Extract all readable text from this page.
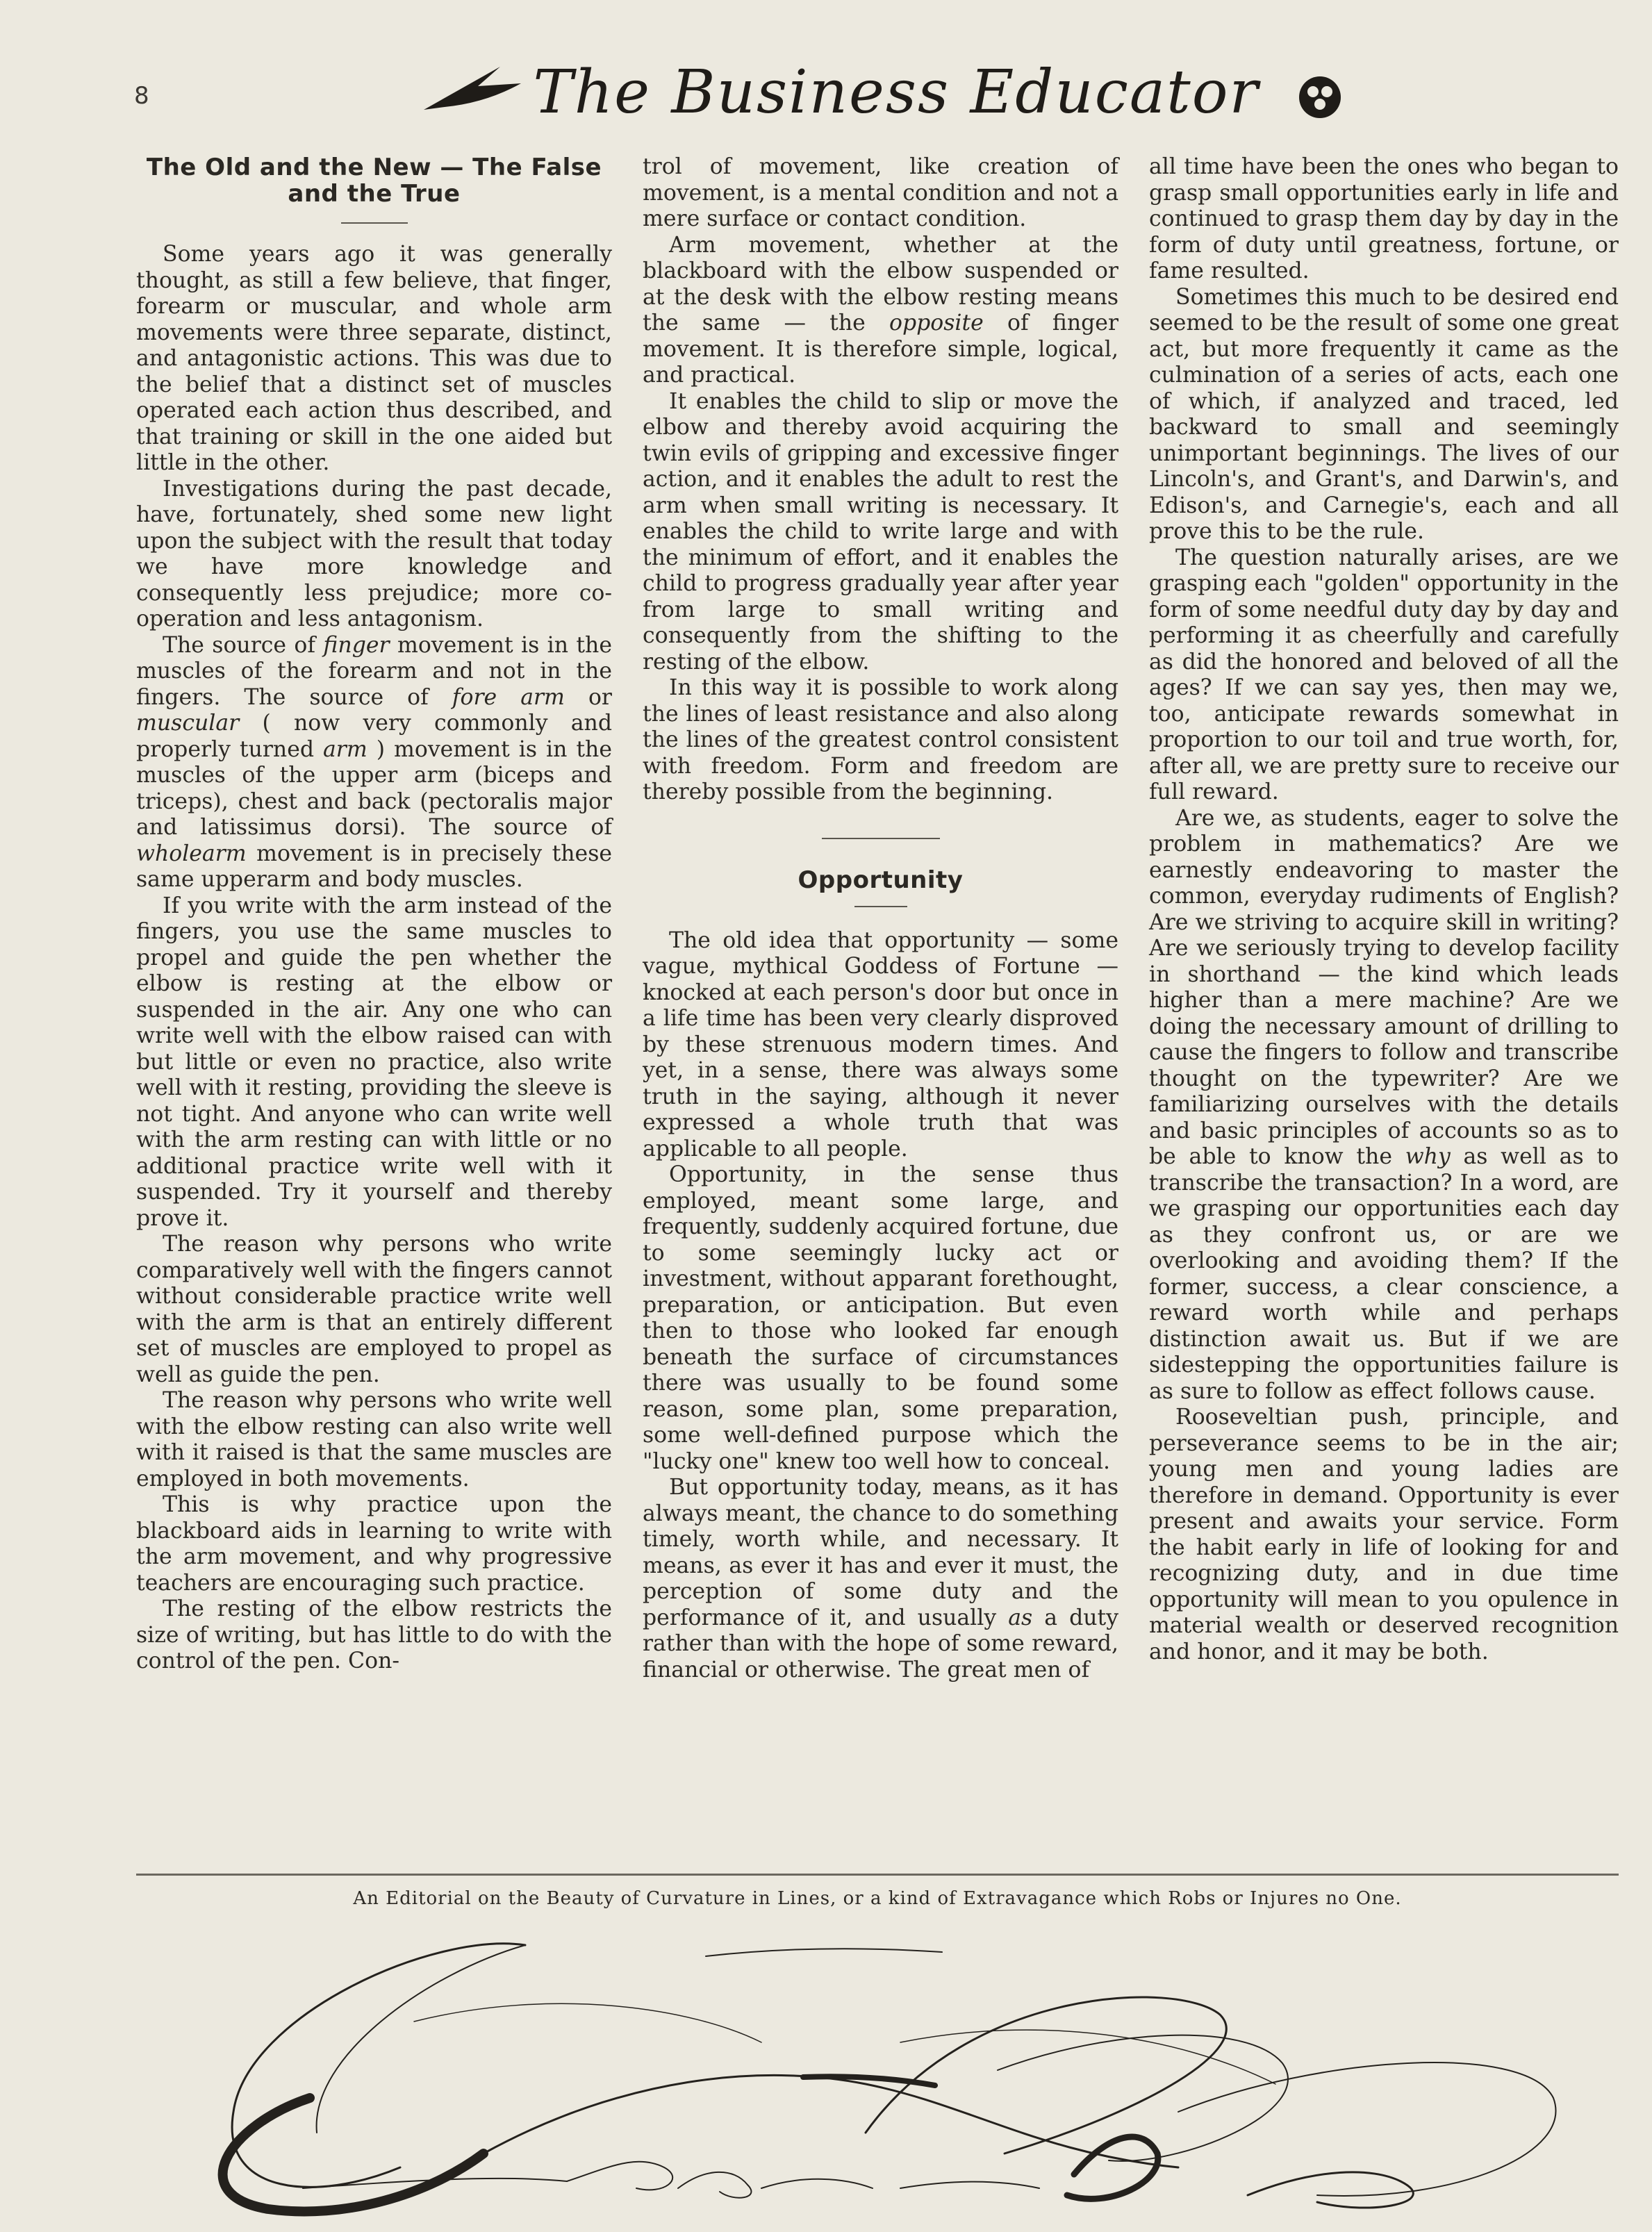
8	The Business Educator
The Old and the New — The False
and the True

Some years ago it was generally thought, as still a few believe, that finger, forearm or muscular, and whole arm movements were three separate, distinct, and antagonistic actions. This was due to the belief that a distinct set of muscles operated each action thus described, and that training or skill in the one aided but little in the other.

Investigations during the past decade, have, fortunately, shed some new light upon the subject with the result that today we have more knowledge and consequently less prejudice; more co-operation and less antagonism.

The source of finger movement is in the muscles of the forearm and not in the fingers. The source of fore arm or muscular ( now very commonly and properly turned arm ) movement is in the muscles of the upper arm (biceps and triceps), chest and back (pectoralis major and latissimus dorsi). The source of wholearm movement is in precisely these same upperarm and body muscles.

If you write with the arm instead of the fingers, you use the same muscles to propel and guide the pen whether the elbow is resting at the elbow or suspended in the air. Any one who can write well with the elbow raised can with but little or even no practice, also write well with it resting, providing the sleeve is not tight. And anyone who can write well with the arm resting can with little or no additional practice write well with it suspended. Try it yourself and thereby prove it.

The reason why persons who write comparatively well with the fingers cannot without considerable practice write well with the arm is that an entirely different set of muscles are employed to propel as well as guide the pen.

The reason why persons who write well with the elbow resting can also write well with it raised is that the same muscles are employed in both movements.

This is why practice upon the blackboard aids in learning to write with the arm movement, and why progressive teachers are encouraging such practice.

The resting of the elbow restricts the size of writing, but has little to do with the control of the pen. Con-

trol of movement, like creation of movement, is a mental condition and not a mere surface or contact condition.

Arm movement, whether at the blackboard with the elbow suspended or at the desk with the elbow resting means the same — the opposite of finger movement. It is therefore simple, logical, and practical.

It enables the child to slip or move the elbow and thereby avoid acquiring the twin evils of gripping and excessive finger action, and it enables the adult to rest the arm when small writing is necessary. It enables the child to write large and with the minimum of effort, and it enables the child to progress gradually year after year from large to small writing and consequently from the shifting to the resting of the elbow.

In this way it is possible to work along the lines of least resistance and also along the lines of the greatest control consistent with freedom. Form and freedom are thereby possible from the beginning.

Opportunity

The old idea that opportunity — some vague, mythical Goddess of Fortune — knocked at each person's door but once in a life time has been very clearly disproved by these strenuous modern times. And yet, in a sense, there was always some truth in the saying, although it never expressed a whole truth that was applicable to all people.

Opportunity, in the sense thus employed, meant some large, and frequently, suddenly acquired fortune, due to some seemingly lucky act or investment, without apparant forethought, preparation, or anticipation. But even then to those who looked far enough beneath the surface of circumstances there was usually to be found some reason, some plan, some preparation, some well-defined purpose which the "lucky one" knew too well how to conceal.

But opportunity today, means, as it has always meant, the chance to do something timely, worth while, and necessary. It means, as ever it has and ever it must, the perception of some duty and the performance of it, and usually as a duty rather than with the hope of some reward, financial or otherwise. The great men of

all time have been the ones who began to grasp small opportunities early in life and continued to grasp them day by day in the form of duty until greatness, fortune, or fame resulted.

Sometimes this much to be desired end seemed to be the result of some one great act, but more frequently it came as the culmination of a series of acts, each one of which, if analyzed and traced, led backward to small and seemingly unimportant beginnings. The lives of our Lincoln's, and Grant's, and Darwin's, and Edison's, and Carnegie's, each and all prove this to be the rule.

The question naturally arises, are we grasping each "golden" opportunity in the form of some needful duty day by day and performing it as cheerfully and carefully as did the honored and beloved of all the ages? If we can say yes, then may we, too, anticipate rewards somewhat in proportion to our toil and true worth, for, after all, we are pretty sure to receive our full reward.

Are we, as students, eager to solve the problem in mathematics? Are we earnestly endeavoring to master the common, everyday rudiments of English? Are we striving to acquire skill in writing? Are we seriously trying to develop facility in shorthand — the kind which leads higher than a mere machine? Are we doing the necessary amount of drilling to cause the fingers to follow and transcribe thought on the typewriter? Are we familiarizing ourselves with the details and basic principles of accounts so as to be able to know the why as well as to transcribe the transaction? In a word, are we grasping our opportunities each day as they confront us, or are we overlooking and avoiding them? If the former, success, a clear conscience, a reward worth while and perhaps distinction await us. But if we are sidestepping the opportunities failure is as sure to follow as effect follows cause.

Rooseveltian push, principle, and perseverance seems to be in the air; young men and young ladies are therefore in demand. Opportunity is ever present and awaits your service. Form the habit early in life of looking for and recognizing duty, and in due time opportunity will mean to you opulence in material wealth or deserved recognition and honor, and it may be both.

An Editorial on the Beauty of Curvature in Lines, or a kind of Extravagance which Robs or Injures no One.
Elegance in Line
